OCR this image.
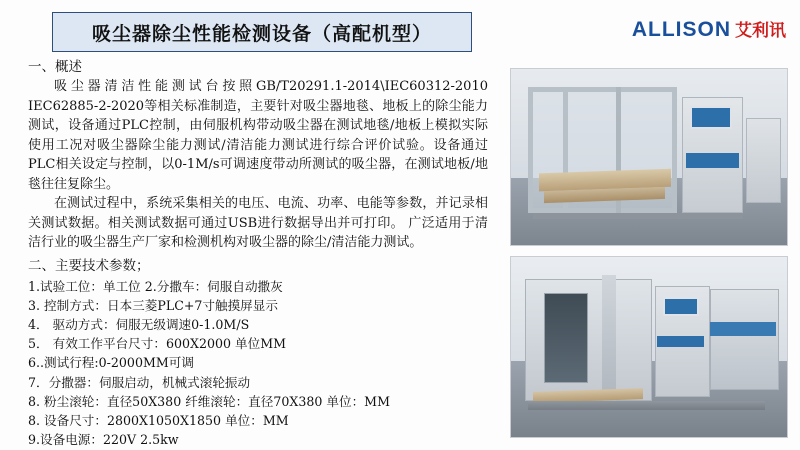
吸尘器除尘性能检测设备（高配机型）	ALLISON 艾利讯
一、概述
吸尘器清洁性能测试台按照GB/T20291.1-2014\IEC60312-2010 IEC62885-2-2020等相关标准制造，主要针对吸尘器地毯、地板上的除尘能力测试，设备通过PLC控制，由伺服机构带动吸尘器在测试地毯/地板上模拟实际使用工况对吸尘器除尘能力测试/清洁能力测试进行综合评价试验。设备通过PLC相关设定与控制，以0-1M/s可调速度带动所测试的吸尘器，在测试地板/地毯往往复除尘。
在测试过程中，系统采集相关的电压、电流、功率、电能等参数，并记录相关测试数据。相关测试数据可通过USB进行数据导出并可打印。 广泛适用于清洁行业的吸尘器生产厂家和检测机构对吸尘器的除尘/清洁能力测试。
二、主要技术参数；
1.试验工位：单工位 2.分撒车：伺服自动撒灰
3. 控制方式：日本三菱PLC+7寸触摸屏显示
4． 驱动方式：伺服无级调速0-1.0M/S
5． 有效工作平台尺寸：600X2000 单位MM
6..测试行程:0-2000MM可调
7．分撒器：伺服启动，机械式滚轮振动
8. 粉尘滚轮：直径50X380 纤维滚轮：直径70X380 单位：MM
8. 设备尺寸：2800X1050X1850 单位：MM
9.设备电源：220V 2.5kw
